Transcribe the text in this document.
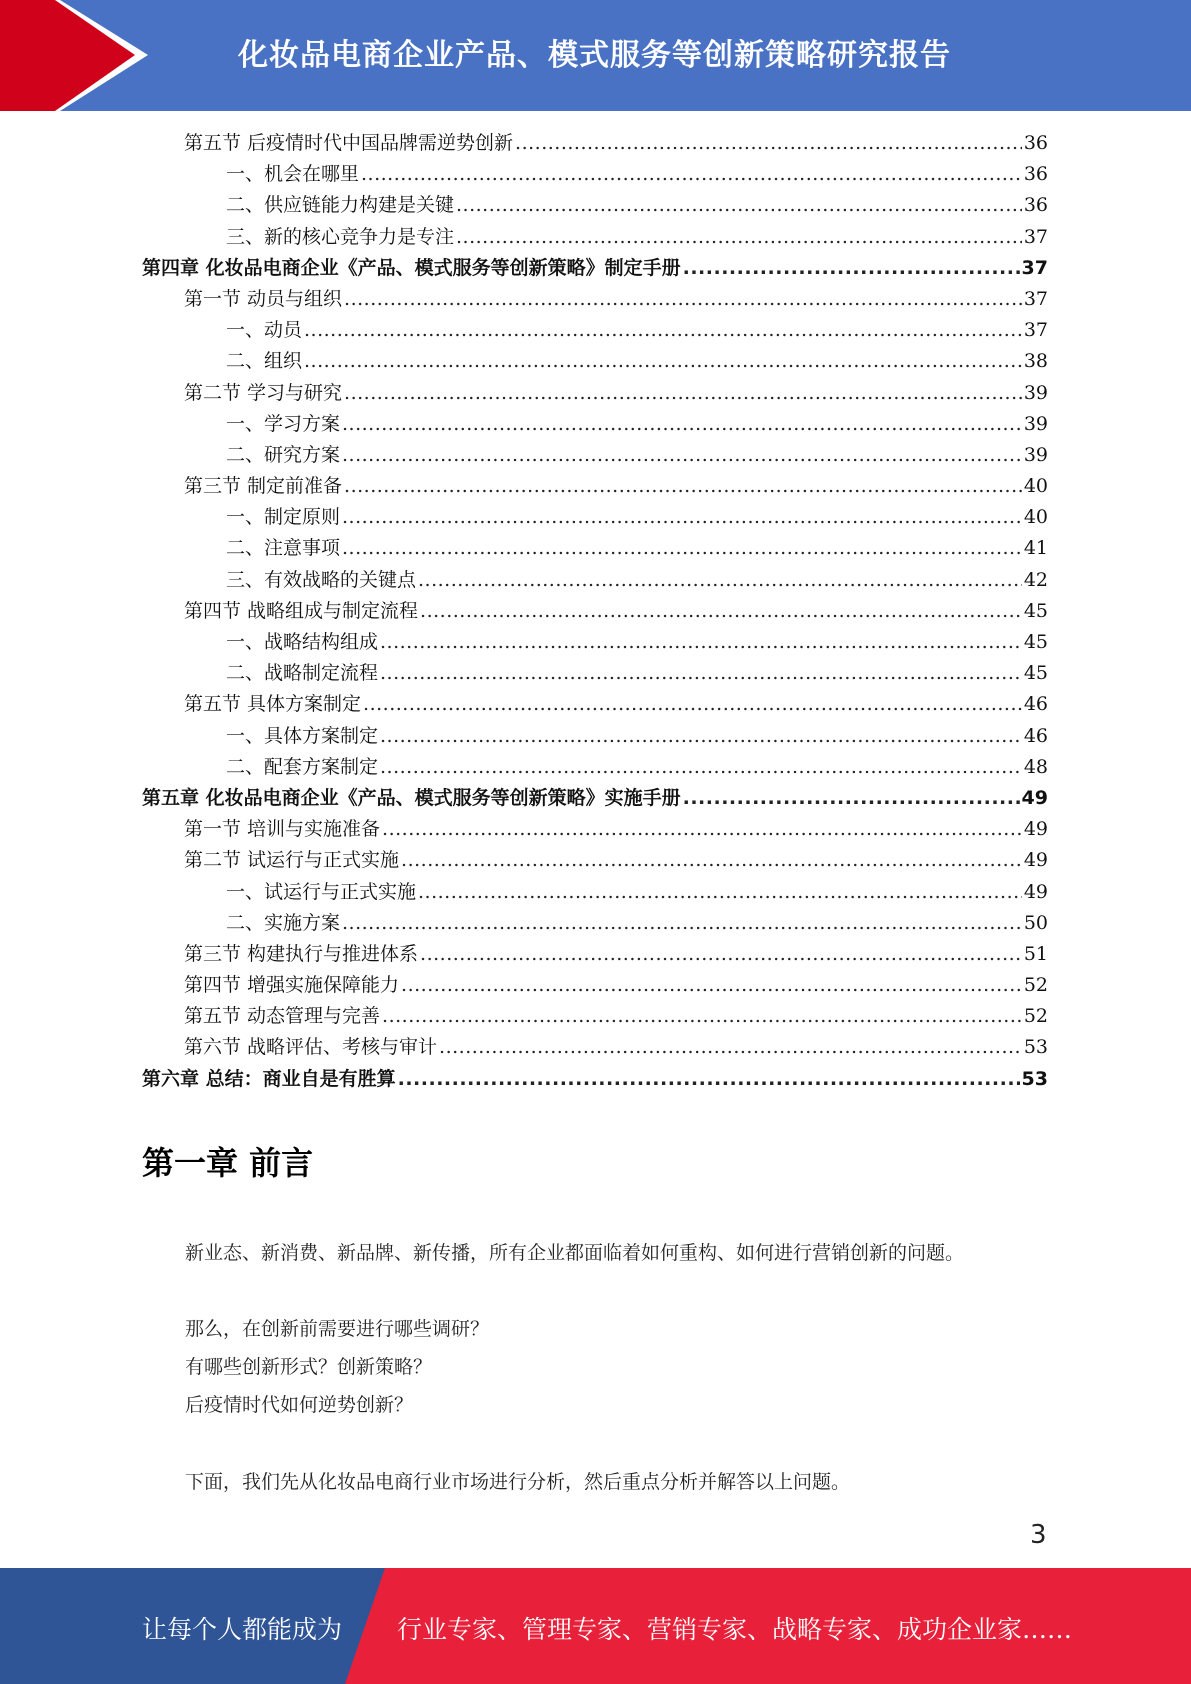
化妆品电商企业产品、模式服务等创新策略研究报告
第五节 后疫情时代中国品牌需逆势创新 .....	36
一、机会在哪里 .....	36
二、供应链能力构建是关键 .....	36
三、新的核心竞争力是专注 .....	37
第四章 化妆品电商企业《产品、模式服务等创新策略》制定手册 .....	37
第一节 动员与组织 .....	37
一、动员 .....	37
二、组织 .....	38
第二节 学习与研究 .....	39
一、学习方案 .....	39
二、研究方案 .....	39
第三节 制定前准备 .....	40
一、制定原则 .....	40
二、注意事项 .....	41
三、有效战略的关键点 .....	42
第四节 战略组成与制定流程 .....	45
一、战略结构组成 .....	45
二、战略制定流程 .....	45
第五节 具体方案制定 .....	46
一、具体方案制定 .....	46
二、配套方案制定 .....	48
第五章 化妆品电商企业《产品、模式服务等创新策略》实施手册 .....	49
第一节 培训与实施准备 .....	49
第二节 试运行与正式实施 .....	49
一、试运行与正式实施 .....	49
二、实施方案 .....	50
第三节 构建执行与推进体系 .....	51
第四节 增强实施保障能力 .....	52
第五节 动态管理与完善 .....	52
第六节 战略评估、考核与审计 .....	53
第六章 总结：商业自是有胜算 .....	53
第一章 前言
新业态、新消费、新品牌、新传播，所有企业都面临着如何重构、如何进行营销创新的问题。
那么，在创新前需要进行哪些调研？
有哪些创新形式？创新策略？
后疫情时代如何逆势创新？
下面，我们先从化妆品电商行业市场进行分析，然后重点分析并解答以上问题。
3
让每个人都能成为 行业专家、管理专家、营销专家、战略专家、成功企业家……
